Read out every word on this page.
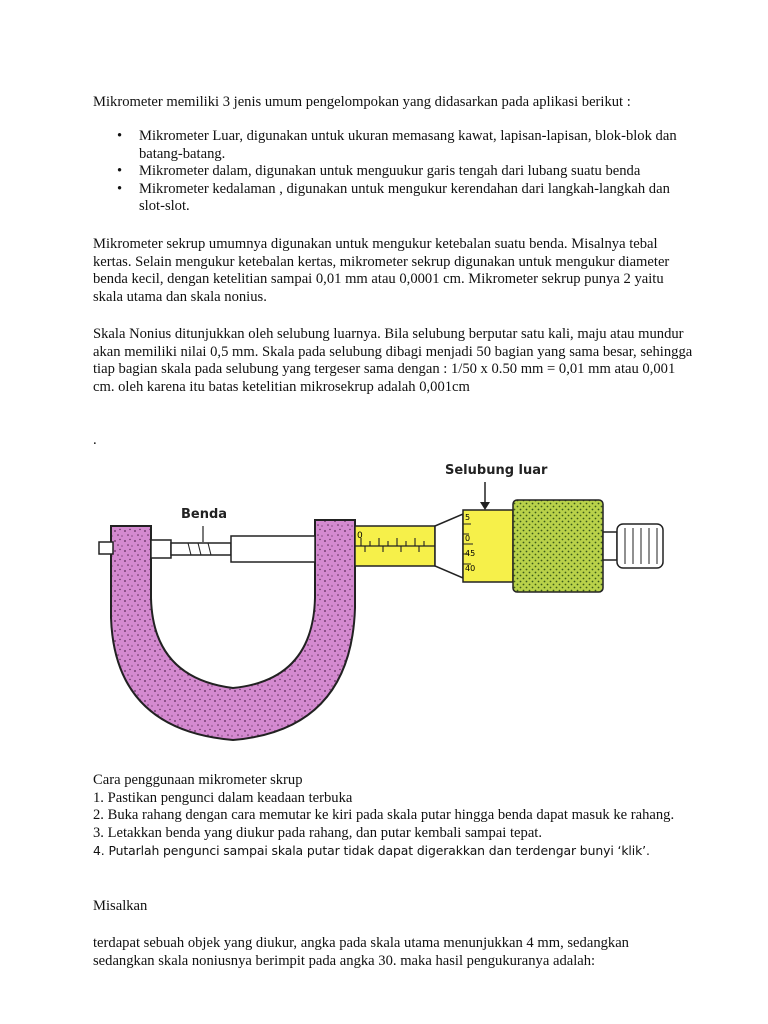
Mikrometer memiliki 3 jenis umum pengelompokan yang didasarkan pada aplikasi berikut :

• Mikrometer Luar, digunakan untuk ukuran memasang kawat, lapisan-lapisan, blok-blok dan batang-batang.
• Mikrometer dalam, digunakan untuk menguukur garis tengah dari lubang suatu benda
• Mikrometer kedalaman , digunakan untuk mengukur kerendahan dari langkah-langkah dan slot-slot.

Mikrometer sekrup umumnya digunakan untuk mengukur ketebalan suatu benda. Misalnya tebal kertas. Selain mengukur ketebalan kertas, mikrometer sekrup digunakan untuk mengukur diameter benda kecil, dengan ketelitian sampai 0,01 mm atau 0,0001 cm. Mikrometer sekrup punya 2 yaitu skala utama dan skala nonius.

Skala Nonius ditunjukkan oleh selubung luarnya. Bila selubung berputar satu kali, maju atau mundur akan memiliki nilai 0,5 mm. Skala pada selubung dibagi menjadi 50 bagian yang sama besar, sehingga tiap bagian skala pada selubung yang tergeser sama dengan : 1/50 x 0.50 mm = 0,01 mm atau 0,001 cm. oleh karena itu batas ketelitian mikrosekrup adalah 0,001cm

.

Benda
0
5
0
45
40
Selubung luar

Cara penggunaan mikrometer skrup

1. Pastikan pengunci dalam keadaan terbuka

2. Buka rahang dengan cara memutar ke kiri pada skala putar hingga benda dapat masuk ke rahang.

3. Letakkan benda yang diukur pada rahang, dan putar kembali sampai tepat.

4. Putarlah pengunci sampai skala putar tidak dapat digerakkan dan terdengar bunyi ‘klik’.

Misalkan

terdapat sebuah objek yang diukur, angka pada skala utama menunjukkan 4 mm, sedangkan sedangkan skala noniusnya berimpit pada angka 30. maka hasil pengukuranya adalah:
